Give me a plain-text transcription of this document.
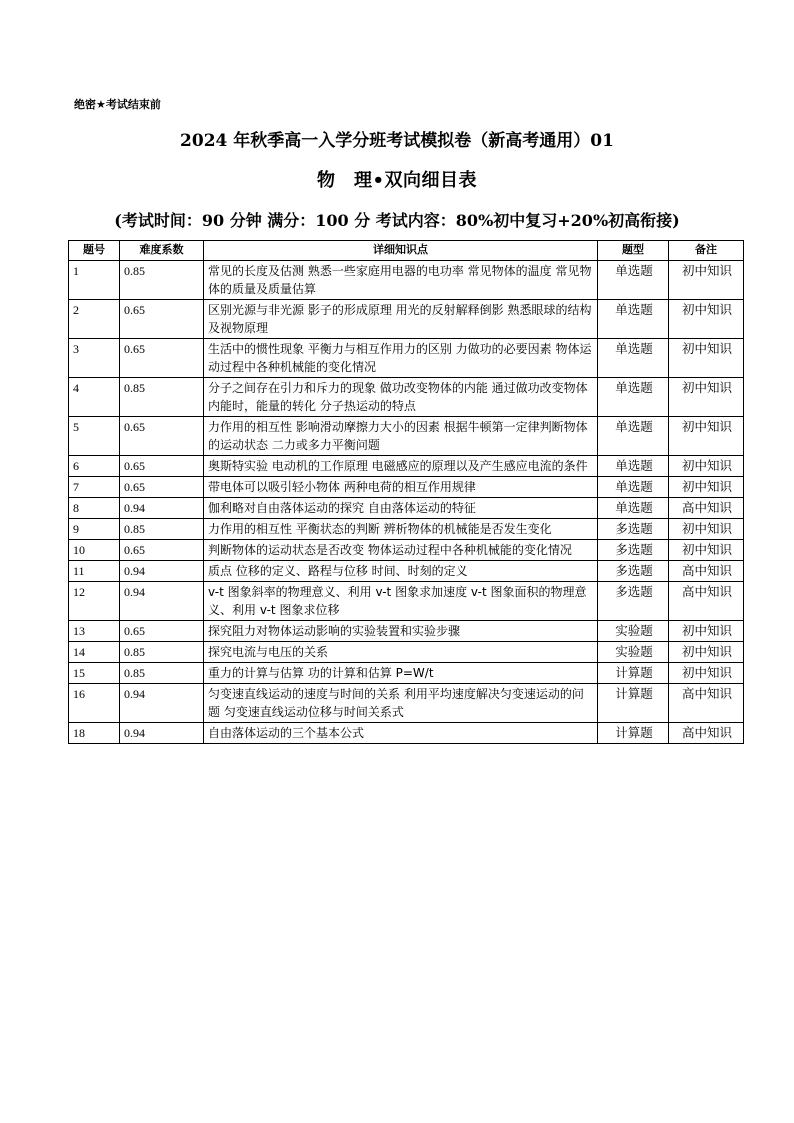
绝密★考试结束前
2024 年秋季高一入学分班考试模拟卷（新高考通用）01
物　理•双向细目表
(考试时间：90 分钟 满分：100 分 考试内容：80%初中复习+20%初高衔接)
题号	难度系数	详细知识点	题型	备注
1	0.85	常见的长度及估测 熟悉一些家庭用电器的电功率 常见物体的温度 常见物体的质量及质量估算	单选题	初中知识
2	0.65	区别光源与非光源 影子的形成原理 用光的反射解释倒影 熟悉眼球的结构及视物原理	单选题	初中知识
3	0.65	生活中的惯性现象 平衡力与相互作用力的区别 力做功的必要因素 物体运动过程中各种机械能的变化情况	单选题	初中知识
4	0.85	分子之间存在引力和斥力的现象 做功改变物体的内能 通过做功改变物体内能时，能量的转化 分子热运动的特点	单选题	初中知识
5	0.65	力作用的相互性 影响滑动摩擦力大小的因素 根据牛顿第一定律判断物体的运动状态 二力或多力平衡问题	单选题	初中知识
6	0.65	奥斯特实验 电动机的工作原理 电磁感应的原理以及产生感应电流的条件	单选题	初中知识
7	0.65	带电体可以吸引轻小物体 两种电荷的相互作用规律	单选题	初中知识
8	0.94	伽利略对自由落体运动的探究 自由落体运动的特征	单选题	高中知识
9	0.85	力作用的相互性 平衡状态的判断 辨析物体的机械能是否发生变化	多选题	初中知识
10	0.65	判断物体的运动状态是否改变 物体运动过程中各种机械能的变化情况	多选题	初中知识
11	0.94	质点 位移的定义、路程与位移 时间、时刻的定义	多选题	高中知识
12	0.94	v-t 图象斜率的物理意义、利用 v-t 图象求加速度 v-t 图象面积的物理意义、利用 v-t 图象求位移	多选题	高中知识
13	0.65	探究阻力对物体运动影响的实验装置和实验步骤	实验题	初中知识
14	0.85	探究电流与电压的关系	实验题	初中知识
15	0.85	重力的计算与估算 功的计算和估算 P=W/t	计算题	初中知识
16	0.94	匀变速直线运动的速度与时间的关系 利用平均速度解决匀变速运动的问题 匀变速直线运动位移与时间关系式	计算题	高中知识
18	0.94	自由落体运动的三个基本公式	计算题	高中知识
